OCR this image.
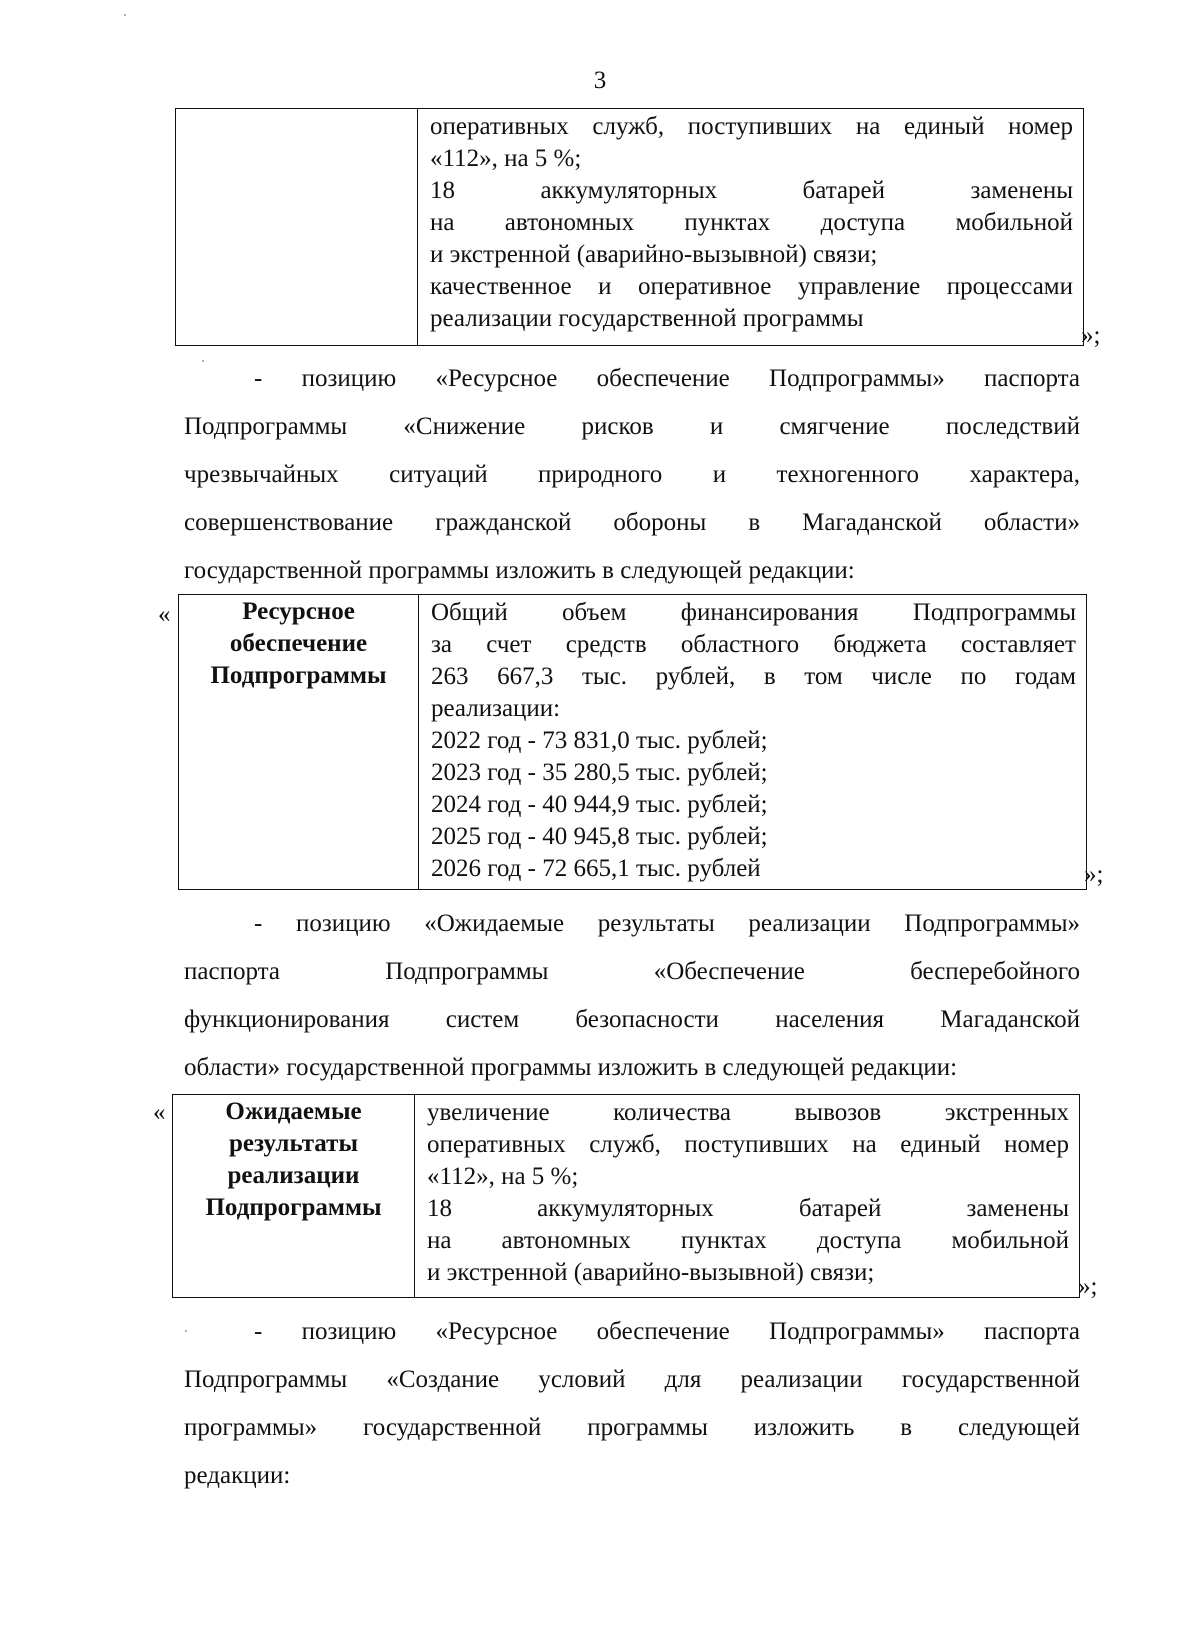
3
оперативных служб, поступивших на единый номер
«112», на 5 %;
18 аккумуляторных батарей заменены
на автономных пунктах доступа мобильной
и экстренной (аварийно-вызывной) связи;
качественное и оперативное управление процессами
реализации государственной программы
»;
- позицию «Ресурсное обеспечение Подпрограммы» паспорта
Подпрограммы «Снижение рисков и смягчение последствий
чрезвычайных ситуаций природного и техногенного характера,
совершенствование гражданской обороны в Магаданской области»
государственной программы изложить в следующей редакции:
«	Ресурсное
обеспечение
Подпрограммы
Общий объем финансирования Подпрограммы
за счет средств областного бюджета составляет
263 667,3 тыс. рублей, в том числе по годам
реализации:
2022 год - 73 831,0 тыс. рублей;
2023 год - 35 280,5 тыс. рублей;
2024 год - 40 944,9 тыс. рублей;
2025 год - 40 945,8 тыс. рублей;
2026 год - 72 665,1 тыс. рублей	»;
- позицию «Ожидаемые результаты реализации Подпрограммы»
паспорта Подпрограммы «Обеспечение бесперебойного
функционирования систем безопасности населения Магаданской
области» государственной программы изложить в следующей редакции:
« Ожидаемые
результаты
реализации
Подпрограммы
увеличение количества вывозов экстренных
оперативных служб, поступивших на единый номер
«112», на 5 %;
18 аккумуляторных батарей заменены
на автономных пунктах доступа мобильной
и экстренной (аварийно-вызывной) связи;
»;
- позицию «Ресурсное обеспечение Подпрограммы» паспорта
Подпрограммы «Создание условий для реализации государственной
программы» государственной программы изложить в следующей
редакции:
